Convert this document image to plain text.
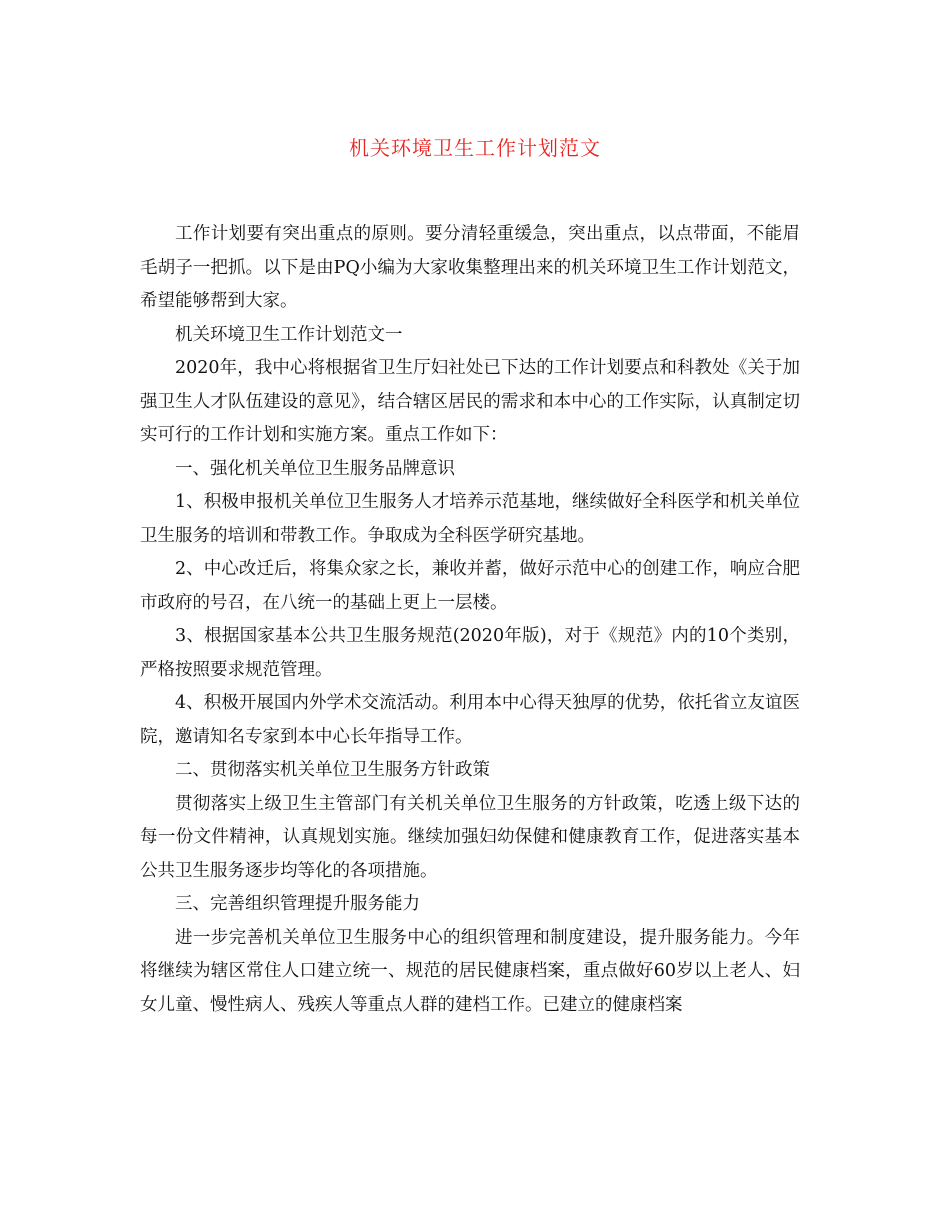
机关环境卫生工作计划范文

工作计划要有突出重点的原则。要分清轻重缓急，突出重点，以点带面，不能眉毛胡子一把抓。以下是由PQ小编为大家收集整理出来的机关环境卫生工作计划范文，希望能够帮到大家。

机关环境卫生工作计划范文一

2020年，我中心将根据省卫生厅妇社处已下达的工作计划要点和科教处《关于加强卫生人才队伍建设的意见》，结合辖区居民的需求和本中心的工作实际，认真制定切实可行的工作计划和实施方案。重点工作如下：

一、强化机关单位卫生服务品牌意识

1、积极申报机关单位卫生服务人才培养示范基地，继续做好全科医学和机关单位卫生服务的培训和带教工作。争取成为全科医学研究基地。

2、中心改迁后，将集众家之长，兼收并蓄，做好示范中心的创建工作，响应合肥市政府的号召，在八统一的基础上更上一层楼。

3、根据国家基本公共卫生服务规范(2020年版)，对于《规范》内的10个类别，严格按照要求规范管理。

4、积极开展国内外学术交流活动。利用本中心得天独厚的优势，依托省立友谊医院，邀请知名专家到本中心长年指导工作。

二、贯彻落实机关单位卫生服务方针政策

贯彻落实上级卫生主管部门有关机关单位卫生服务的方针政策，吃透上级下达的每一份文件精神，认真规划实施。继续加强妇幼保健和健康教育工作，促进落实基本公共卫生服务逐步均等化的各项措施。

三、完善组织管理提升服务能力

进一步完善机关单位卫生服务中心的组织管理和制度建设，提升服务能力。今年将继续为辖区常住人口建立统一、规范的居民健康档案，重点做好60岁以上老人、妇女儿童、慢性病人、残疾人等重点人群的建档工作。已建立的健康档案
